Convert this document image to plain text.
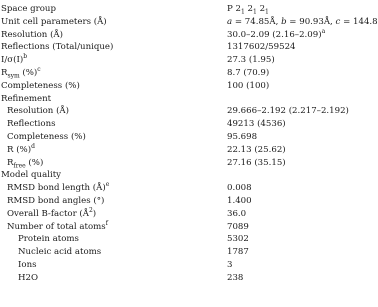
Space group	P $2_1$ $2_1$ $2_1$
Unit cell parameters (Å)	a = 74.85Å, b = 90.93Å, c = 144.8
Resolution (Å)	30.0–2.09 $(2.16-2.09)^a$
Reflections (Total/unique)	1317602/59524
$I/\sigma(I)^b$	27.3 (1.95)
$R_{sym}$ (%)$^c$	8.7 (70.9)
Completeness (%)	100 (100)
Refinement
Resolution (Å)	29.666–2.192 (2.217–2.192)
Reflections	49213 (4536)
Completeness (%)	95.698
R (%)$^d$	22.13 (25.62)
$R_{free}$ (%)	27.16 (35.15)
Model quality
RMSD bond length (Å)$^e$	0.008
RMSD bond angles (°)	1.400
Overall B-factor $(Å^2)$	36.0
Number of total atoms$^f$	7089
Protein atoms	5302
Nucleic acid atoms	1787
Ions	3
H2O	238
